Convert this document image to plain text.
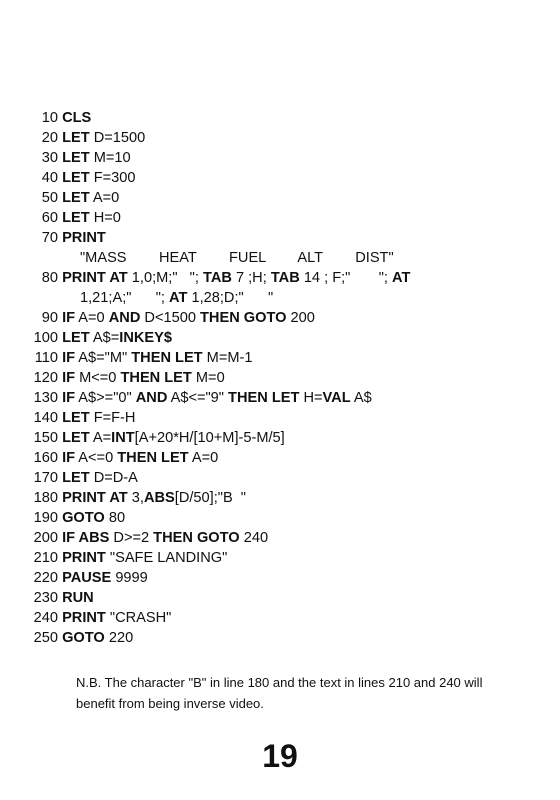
10 CLS
20 LET D=1500
30 LET M=10
40 LET F=300
50 LET A=0
60 LET H=0
70 PRINT
"MASS        HEAT        FUEL        ALT        DIST"
80 PRINT AT 1,0;M;"   "; TAB 7 ;H; TAB 14 ; F;"       "; AT
1,21;A;"      "; AT 1,28;D;"      "
90 IF A=0 AND D<1500 THEN GOTO 200
100 LET A$=INKEY$
110 IF A$="M" THEN LET M=M-1
120 IF M<=0 THEN LET M=0
130 IF A$>="0" AND A$<="9" THEN LET H=VAL A$
140 LET F=F-H
150 LET A=INT[A+20*H/[10+M]-5-M/5]
160 IF A<=0 THEN LET A=0
170 LET D=D-A
180 PRINT AT 3,ABS[D/50];"B  "
190 GOTO 80
200 IF ABS D>=2 THEN GOTO 240
210 PRINT "SAFE LANDING"
220 PAUSE 9999
230 RUN
240 PRINT "CRASH"
250 GOTO 220
N.B. The character "B" in line 180 and the text in lines 210 and 240 will benefit from being inverse video.
19
